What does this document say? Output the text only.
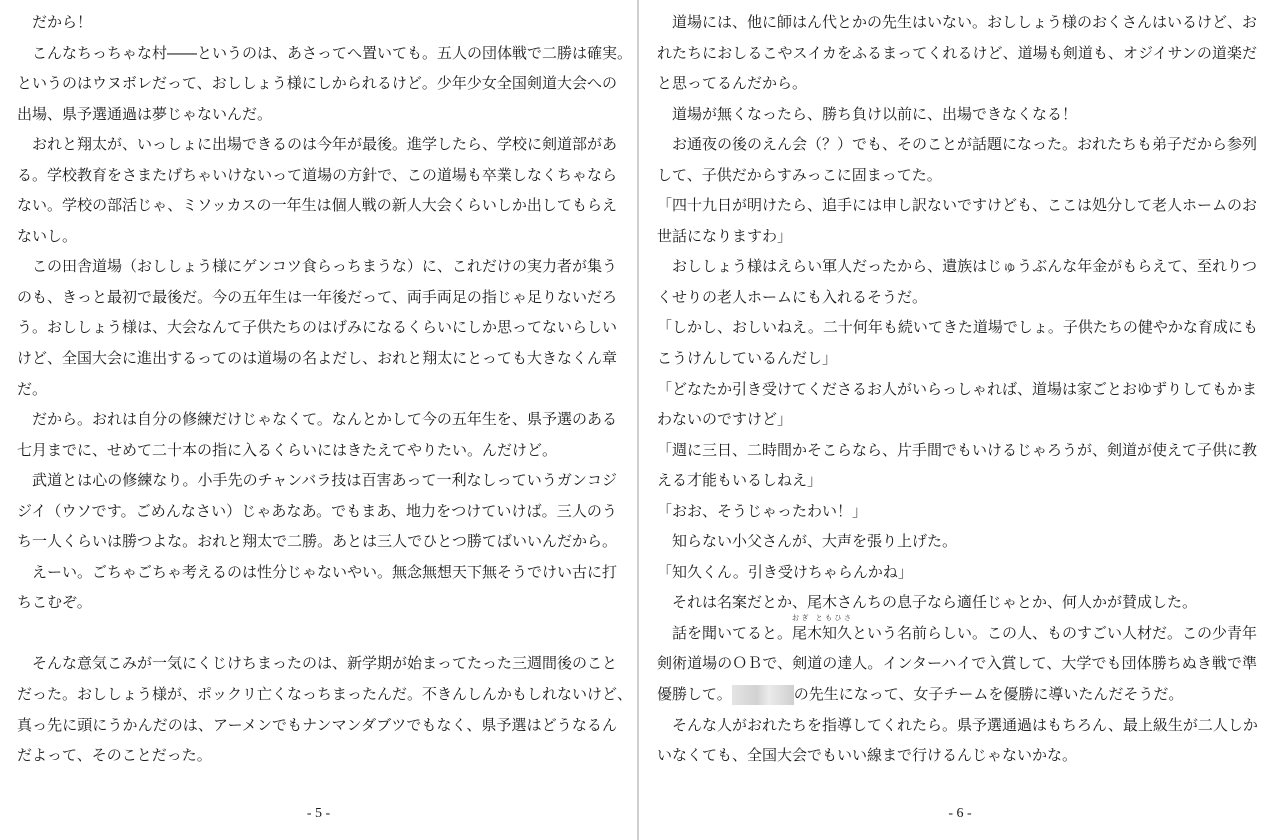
　だから！
　こんなちっちゃな村――というのは、あさってへ置いても。五人の団体戦で二勝は確実。
というのはウヌボレだって、おししょう様にしかられるけど。少年少女全国剣道大会への
出場、県予選通過は夢じゃないんだ。
　おれと翔太が、いっしょに出場できるのは今年が最後。進学したら、学校に剣道部があ
る。学校教育をさまたげちゃいけないって道場の方針で、この道場も卒業しなくちゃなら
ない。学校の部活じゃ、ミソッカスの一年生は個人戦の新人大会くらいしか出してもらえ
ないし。
　この田舎道場（おししょう様にゲンコツ食らっちまうな）に、これだけの実力者が集う
のも、きっと最初で最後だ。今の五年生は一年後だって、両手両足の指じゃ足りないだろ
う。おししょう様は、大会なんて子供たちのはげみになるくらいにしか思ってないらしい
けど、全国大会に進出するってのは道場の名よだし、おれと翔太にとっても大きなくん章
だ。
　だから。おれは自分の修練だけじゃなくて。なんとかして今の五年生を、県予選のある
七月までに、せめて二十本の指に入るくらいにはきたえてやりたい。んだけど。
　武道とは心の修練なり。小手先のチャンバラ技は百害あって一利なしっていうガンコジ
ジイ（ウソです。ごめんなさい）じゃあなあ。でもまあ、地力をつけていけば。三人のう
ち一人くらいは勝つよな。おれと翔太で二勝。あとは三人でひとつ勝てばいいんだから。
　えーい。ごちゃごちゃ考えるのは性分じゃないやい。無念無想天下無そうでけい古に打
ちこむぞ。
　そんな意気こみが一気にくじけちまったのは、新学期が始まってたった三週間後のこと
だった。おししょう様が、ポックリ亡くなっちまったんだ。不きんしんかもしれないけど、
真っ先に頭にうかんだのは、アーメンでもナンマンダブツでもなく、県予選はどうなるん
だよって、そのことだった。
- 5 -
　道場には、他に師はん代とかの先生はいない。おししょう様のおくさんはいるけど、お
れたちにおしるこやスイカをふるまってくれるけど、道場も剣道も、オジイサンの道楽だ
と思ってるんだから。
　道場が無くなったら、勝ち負け以前に、出場できなくなる！
　お通夜の後のえん会（？）でも、そのことが話題になった。おれたちも弟子だから参列
して、子供だからすみっこに固まってた。
「四十九日が明けたら、追手には申し訳ないですけども、ここは処分して老人ホームのお
世話になりますわ」
　おししょう様はえらい軍人だったから、遺族はじゅうぶんな年金がもらえて、至れりつ
くせりの老人ホームにも入れるそうだ。
「しかし、おしいねえ。二十何年も続いてきた道場でしょ。子供たちの健やかな育成にも
こうけんしているんだし」
「どなたか引き受けてくださるお人がいらっしゃれば、道場は家ごとおゆずりしてもかま
わないのですけど」
「週に三日、二時間かそこらなら、片手間でもいけるじゃろうが、剣道が使えて子供に教
える才能もいるしねえ」
「おお、そうじゃったわい！」
　知らない小父さんが、大声を張り上げた。
「知久くん。引き受けちゃらんかね」
　それは名案だとか、尾木さんちの息子なら適任じゃとか、何人かが賛成した。
　話を聞いてると。尾木知久
おぎ ともひさ
という名前らしい。この人、ものすごい人材だ。この少青年
剣術道場のＯＢで、剣道の達人。インターハイで入賞して、大学でも団体勝ちぬき戦で準
優勝して。	の先生になって、女子チームを優勝に導いたんだそうだ。
　そんな人がおれたちを指導してくれたら。県予選通過はもちろん、最上級生が二人しか
いなくても、全国大会でもいい線まで行けるんじゃないかな。
- 6 -
